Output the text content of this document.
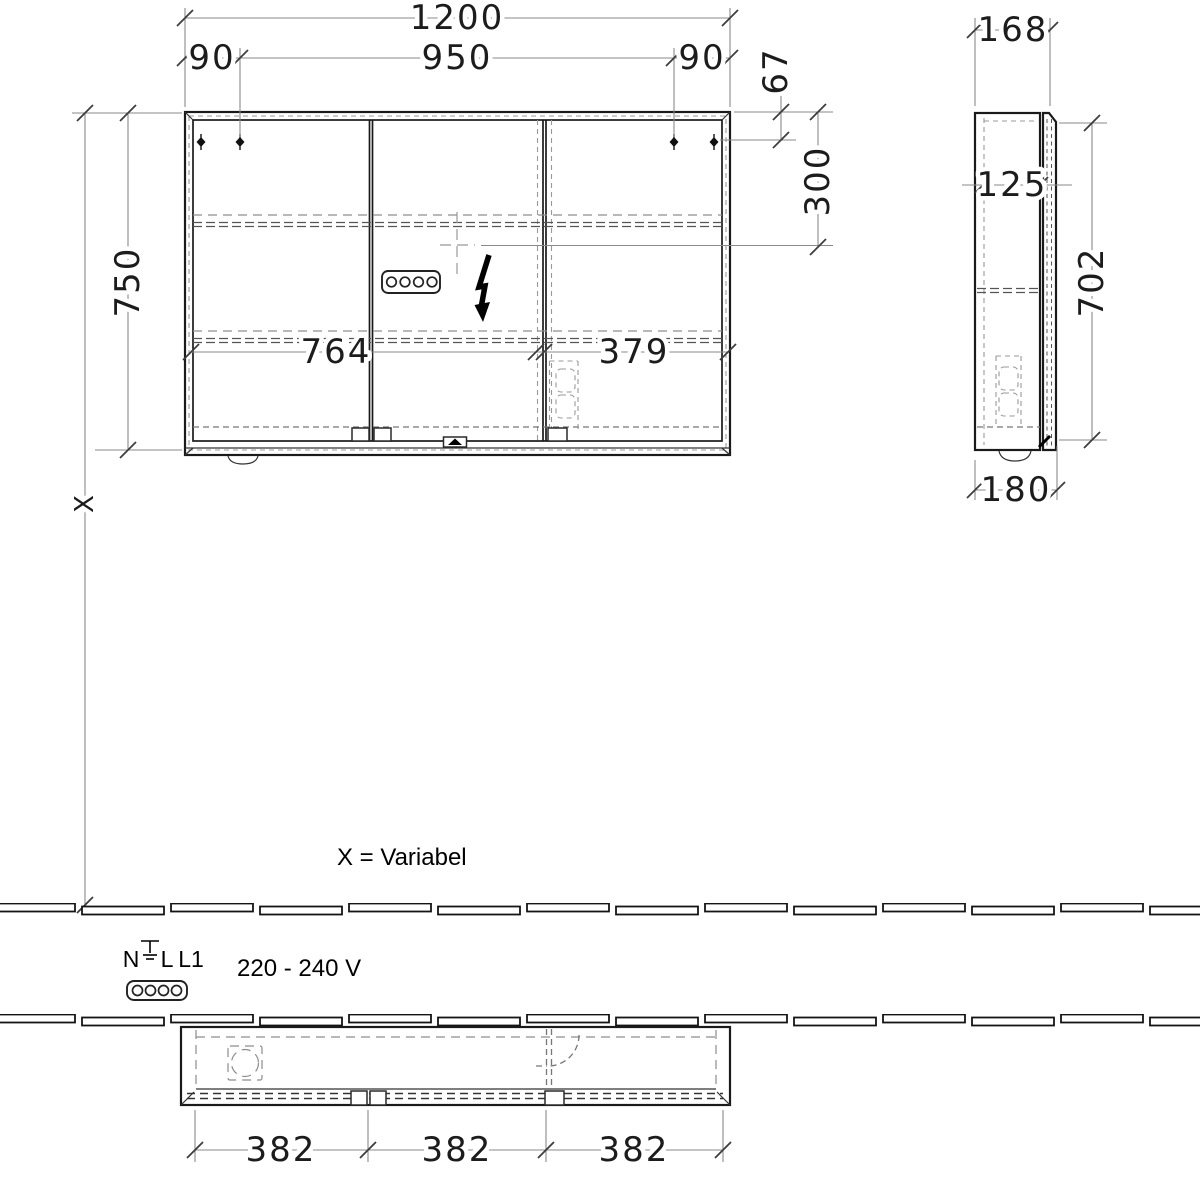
1200
950
90	90
764	379
750
X
67
300
168
125
702
180
X = Variabel
N L L1 220 - 240 V
382	382	382
